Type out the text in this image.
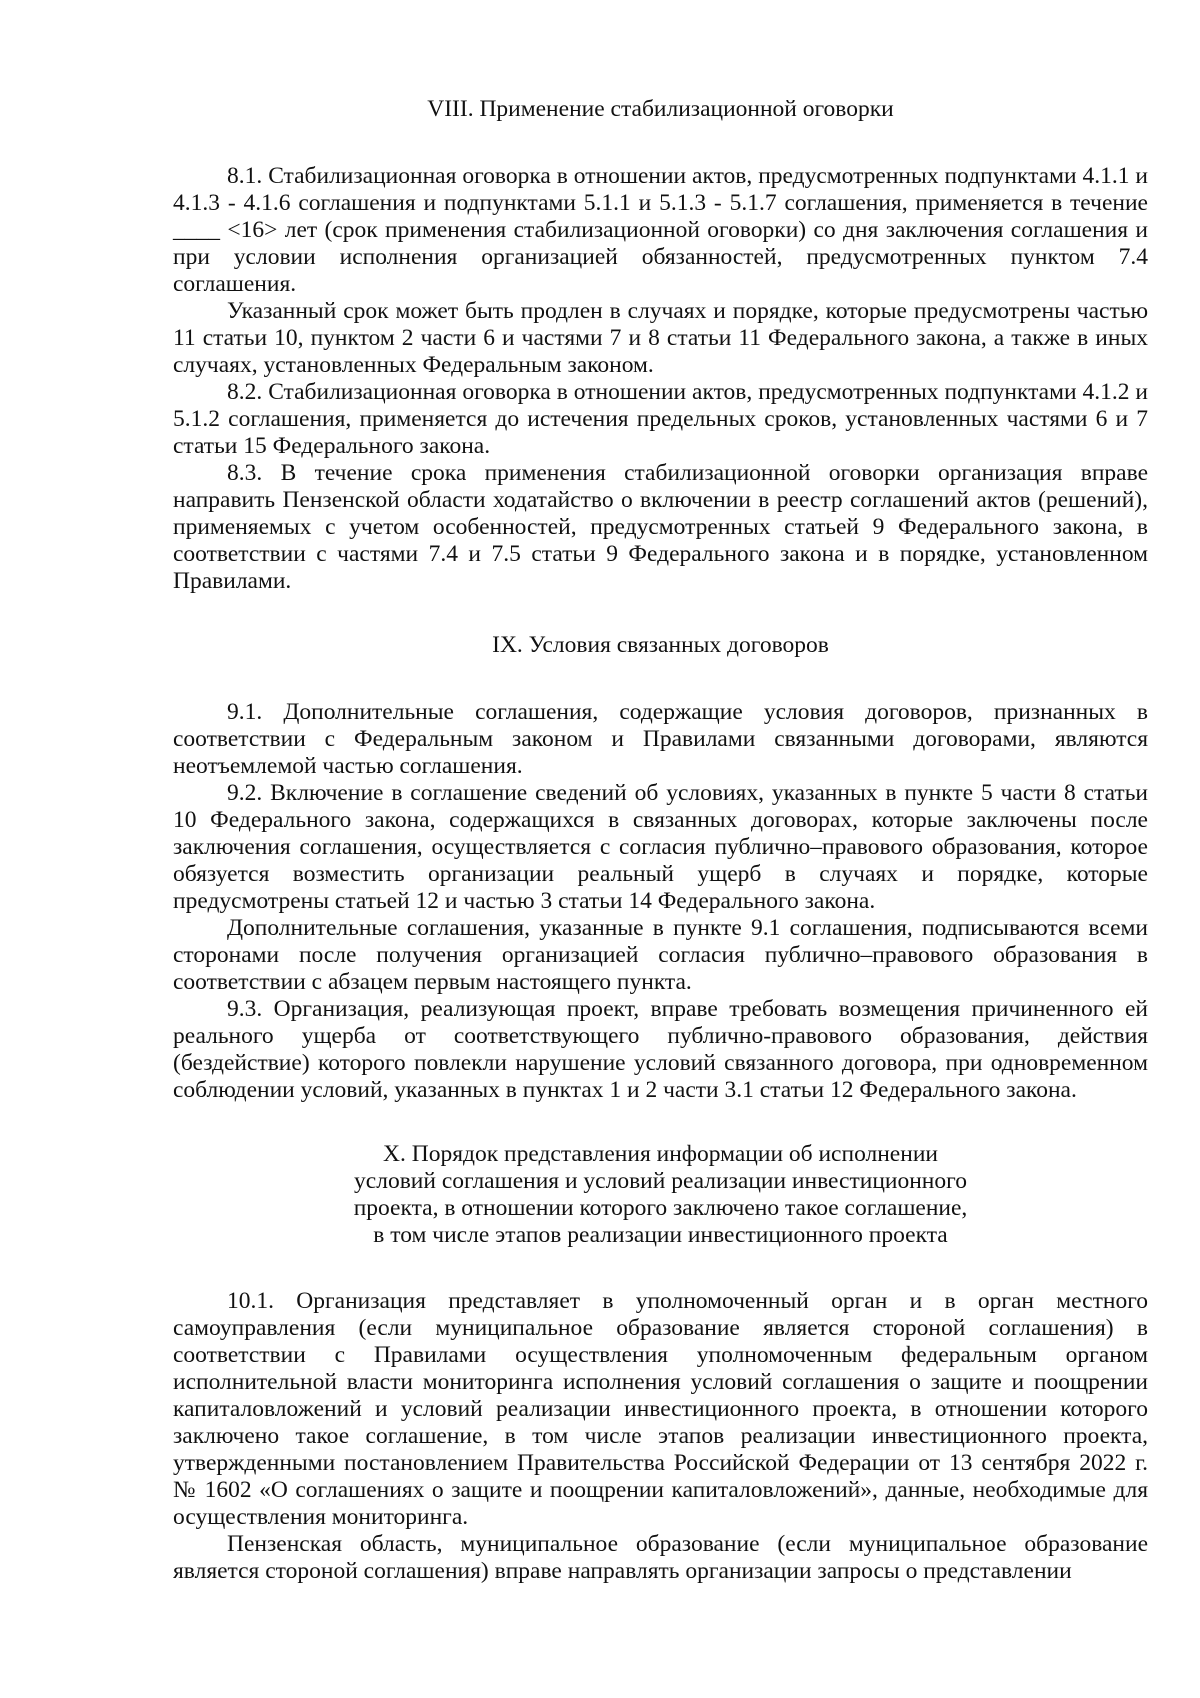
VIII. Применение стабилизационной оговорки

8.1. Стабилизационная оговорка в отношении актов, предусмотренных подпунктами 4.1.1 и 4.1.3 - 4.1.6 соглашения и подпунктами 5.1.1 и 5.1.3 - 5.1.7 соглашения, применяется в течение ____ <16> лет (срок применения стабилизационной оговорки) со дня заключения соглашения и при условии исполнения организацией обязанностей, предусмотренных пунктом 7.4 соглашения.

Указанный срок может быть продлен в случаях и порядке, которые предусмотрены частью 11 статьи 10, пунктом 2 части 6 и частями 7 и 8 статьи 11 Федерального закона, а также в иных случаях, установленных Федеральным законом.

8.2. Стабилизационная оговорка в отношении актов, предусмотренных подпунктами 4.1.2 и 5.1.2 соглашения, применяется до истечения предельных сроков, установленных частями 6 и 7 статьи 15 Федерального закона.

8.3. В течение срока применения стабилизационной оговорки организация вправе направить Пензенской области ходатайство о включении в реестр соглашений актов (решений), применяемых с учетом особенностей, предусмотренных статьей 9 Федерального закона, в соответствии с частями 7.4 и 7.5 статьи 9 Федерального закона и в порядке, установленном Правилами.

IX. Условия связанных договоров

9.1. Дополнительные соглашения, содержащие условия договоров, признанных в соответствии с Федеральным законом и Правилами связанными договорами, являются неотъемлемой частью соглашения.

9.2. Включение в соглашение сведений об условиях, указанных в пункте 5 части 8 статьи 10 Федерального закона, содержащихся в связанных договорах, которые заключены после заключения соглашения, осуществляется с согласия публично–правового образования, которое обязуется возместить организации реальный ущерб в случаях и порядке, которые предусмотрены статьей 12 и частью 3 статьи 14 Федерального закона.

Дополнительные соглашения, указанные в пункте 9.1 соглашения, подписываются всеми сторонами после получения организацией согласия публично–правового образования в соответствии с абзацем первым настоящего пункта.

9.3. Организация, реализующая проект, вправе требовать возмещения причиненного ей реального ущерба от соответствующего публично-правового образования, действия (бездействие) которого повлекли нарушение условий связанного договора, при одновременном соблюдении условий, указанных в пунктах 1 и 2 части 3.1 статьи 12 Федерального закона.

X. Порядок представления информации об исполнении
условий соглашения и условий реализации инвестиционного
проекта, в отношении которого заключено такое соглашение,
в том числе этапов реализации инвестиционного проекта

10.1. Организация представляет в уполномоченный орган и в орган местного самоуправления (если муниципальное образование является стороной соглашения) в соответствии с Правилами осуществления уполномоченным федеральным органом исполнительной власти мониторинга исполнения условий соглашения о защите и поощрении капиталовложений и условий реализации инвестиционного проекта, в отношении которого заключено такое соглашение, в том числе этапов реализации инвестиционного проекта, утвержденными постановлением Правительства Российской Федерации от 13 сентября 2022 г. № 1602 «О соглашениях о защите и поощрении капиталовложений», данные, необходимые для осуществления мониторинга.

Пензенская область, муниципальное образование (если муниципальное образование является стороной соглашения) вправе направлять организации запросы о представлении
